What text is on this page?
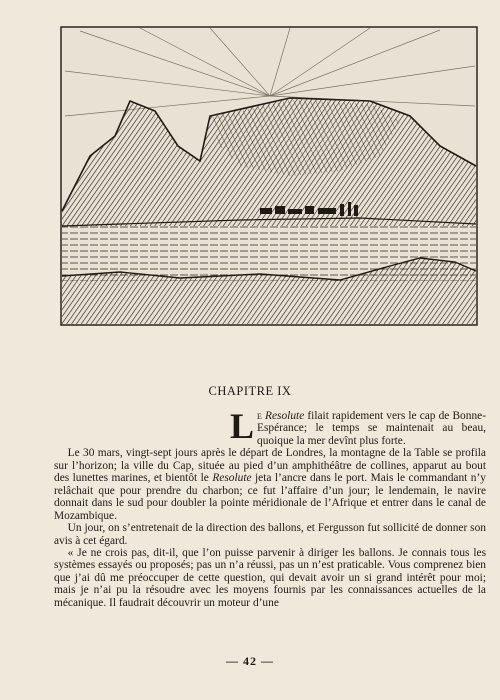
CHAPITRE IX

L e Resolute filait rapidement vers le cap de Bonne-Espérance; le temps se maintenait au beau, quoique la mer devînt plus forte.

Le 30 mars, vingt-sept jours après le départ de Londres, la montagne de la Table se profila sur l’horizon; la ville du Cap, située au pied d’un amphithéâtre de collines, apparut au bout des lunettes marines, et bientôt le Resolute jeta l’ancre dans le port. Mais le commandant n’y relâchait que pour prendre du charbon; ce fut l’affaire d’un jour; le lendemain, le navire donnait dans le sud pour doubler la pointe méridionale de l’Afrique et entrer dans le canal de Mozambique.

Un jour, on s’entretenait de la direction des ballons, et Fergusson fut sollicité de donner son avis à cet égard.

« Je ne crois pas, dit-il, que l’on puisse parvenir à diriger les ballons. Je connais tous les systèmes essayés ou proposés; pas un n’a réussi, pas un n’est praticable. Vous comprenez bien que j’ai dû me préoccuper de cette question, qui devait avoir un si grand intérêt pour moi; mais je n’ai pu la résoudre avec les moyens fournis par les connaissances actuelles de la mécanique. Il faudrait découvrir un moteur d’une

— 42 —
